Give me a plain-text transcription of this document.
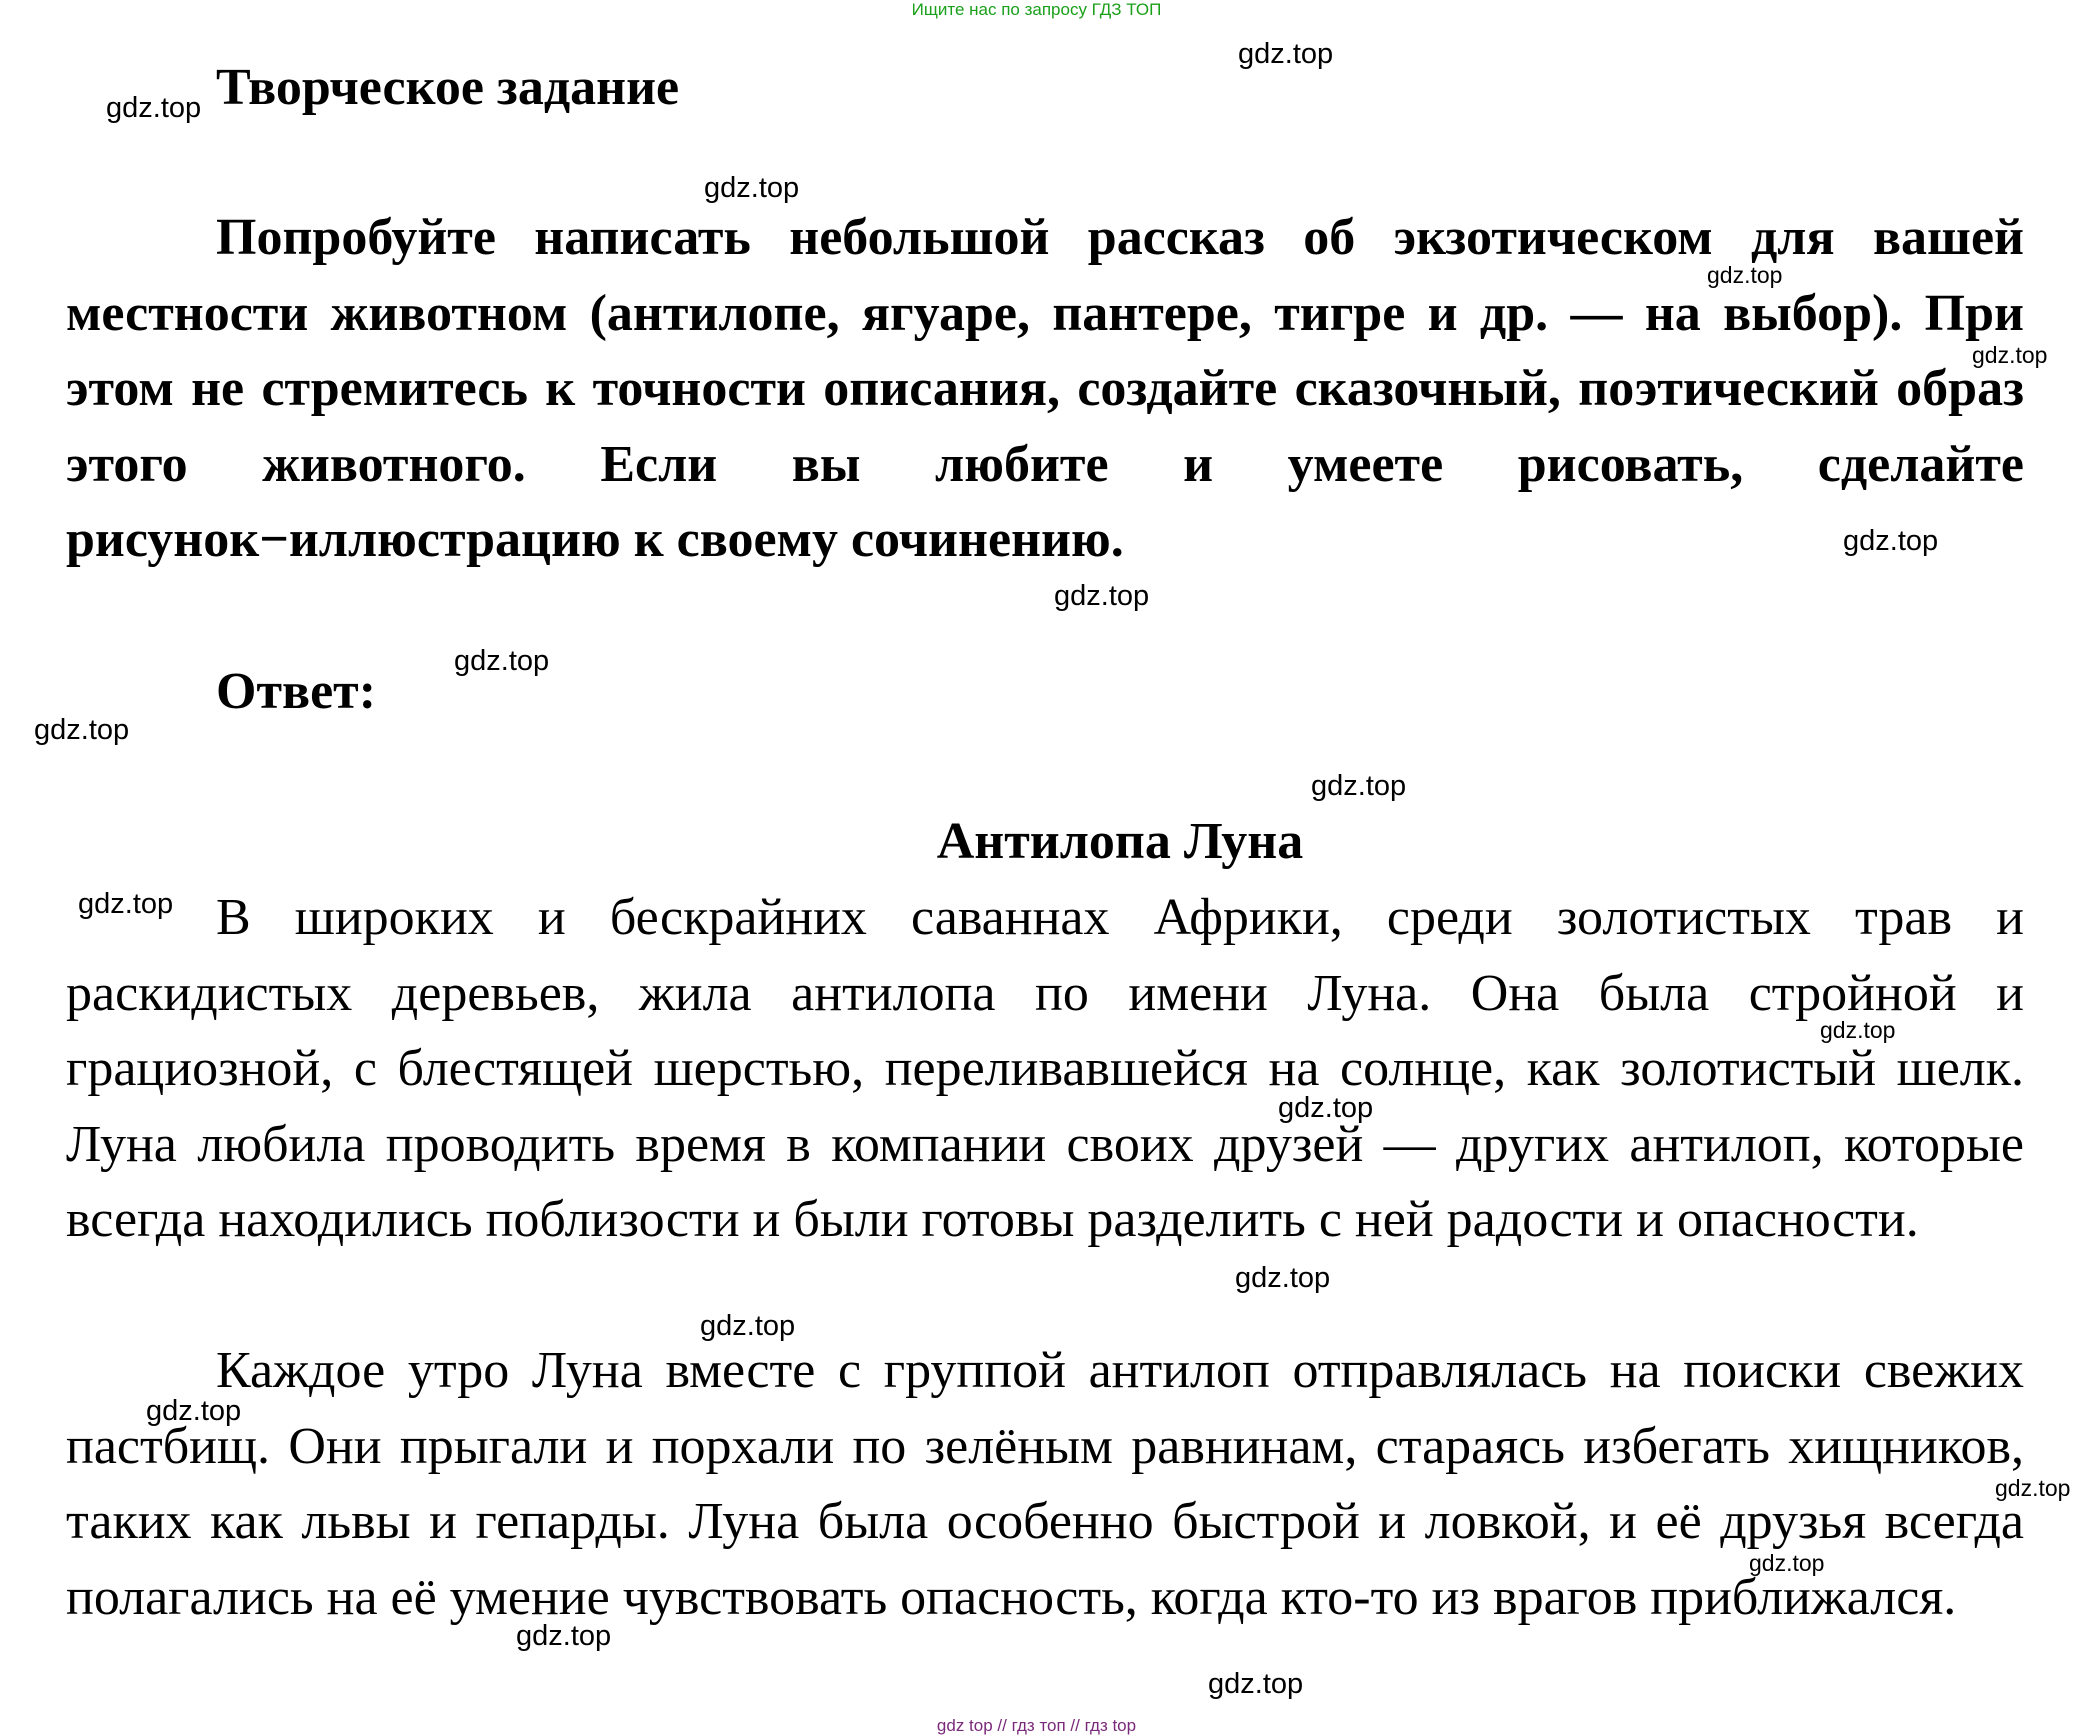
Ищите нас по запросу ГДЗ ТОП
Творческое задание

Попробуйте написать небольшой рассказ об экзотическом для вашей местности животном (антилопе, ягуаре, пантере, тигре и др. — на выбор). При этом не стремитесь к точности описания, создайте сказочный, поэтический образ этого животного. Если вы любите и умеете рисовать, сделайте рисунок−иллюстрацию к своему сочинению.

Ответ:
Антилопа Луна

В широких и бескрайних саваннах Африки, среди золотистых трав и раскидистых деревьев, жила антилопа по имени Луна. Она была стройной и грациозной, с блестящей шерстью, переливавшейся на солнце, как золотистый шелк. Луна любила проводить время в компании своих друзей — других антилоп, которые всегда находились поблизости и были готовы разделить с ней радости и опасности.

Каждое утро Луна вместе с группой антилоп отправлялась на поиски свежих пастбищ. Они прыгали и порхали по зелёным равнинам, стараясь избегать хищников, таких как львы и гепарды. Луна была особенно быстрой и ловкой, и её друзья всегда полагались на её умение чувствовать опасность, когда кто-то из врагов приближался.

gdz.top
gdz.top
gdz.top
gdz.top
gdz.top
gdz.top
gdz.top
gdz.top
gdz.top
gdz.top
gdz.top
gdz.top
gdz.top
gdz.top
gdz.top
gdz.top
gdz.top
gdz.top
gdz.top
gdz.top
gdz top // гдз топ // гдз top
